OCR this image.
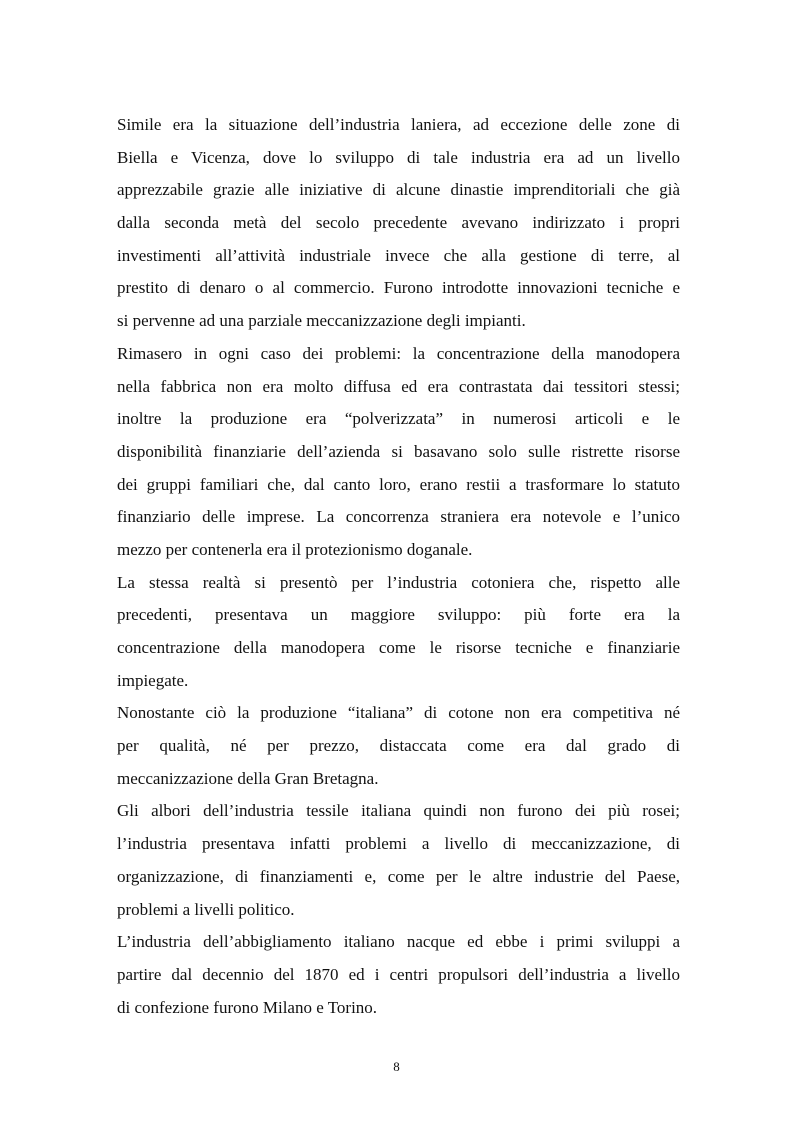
Simile era la situazione dell’industria laniera, ad eccezione delle zone di
Biella e Vicenza, dove lo sviluppo di tale industria era ad un livello
apprezzabile grazie alle iniziative di alcune dinastie imprenditoriali che già
dalla seconda metà del secolo precedente avevano indirizzato i propri
investimenti all’attività industriale invece che alla gestione di terre, al
prestito di denaro o al commercio. Furono introdotte innovazioni tecniche e
si pervenne ad una parziale meccanizzazione degli impianti.
Rimasero in ogni caso dei problemi: la concentrazione della manodopera
nella fabbrica non era molto diffusa ed era contrastata dai tessitori stessi;
inoltre la produzione era “polverizzata” in numerosi articoli e le
disponibilità finanziarie dell’azienda si basavano solo sulle ristrette risorse
dei gruppi familiari che, dal canto loro, erano restii a trasformare lo statuto
finanziario delle imprese. La concorrenza straniera era notevole e l’unico
mezzo per contenerla era il protezionismo doganale.
La stessa realtà si presentò per l’industria cotoniera che, rispetto alle
precedenti, presentava un maggiore sviluppo: più forte era la
concentrazione della manodopera come le risorse tecniche e finanziarie
impiegate.
Nonostante ciò la produzione “italiana” di cotone non era competitiva né
per qualità, né per prezzo, distaccata come era dal grado di
meccanizzazione della Gran Bretagna.
Gli albori dell’industria tessile italiana quindi non furono dei più rosei;
l’industria presentava infatti problemi a livello di meccanizzazione, di
organizzazione, di finanziamenti e, come per le altre industrie del Paese,
problemi a livelli politico.
L’industria dell’abbigliamento italiano nacque ed ebbe i primi sviluppi a
partire dal decennio del 1870 ed i centri propulsori dell’industria a livello
di confezione furono Milano e Torino.
8
